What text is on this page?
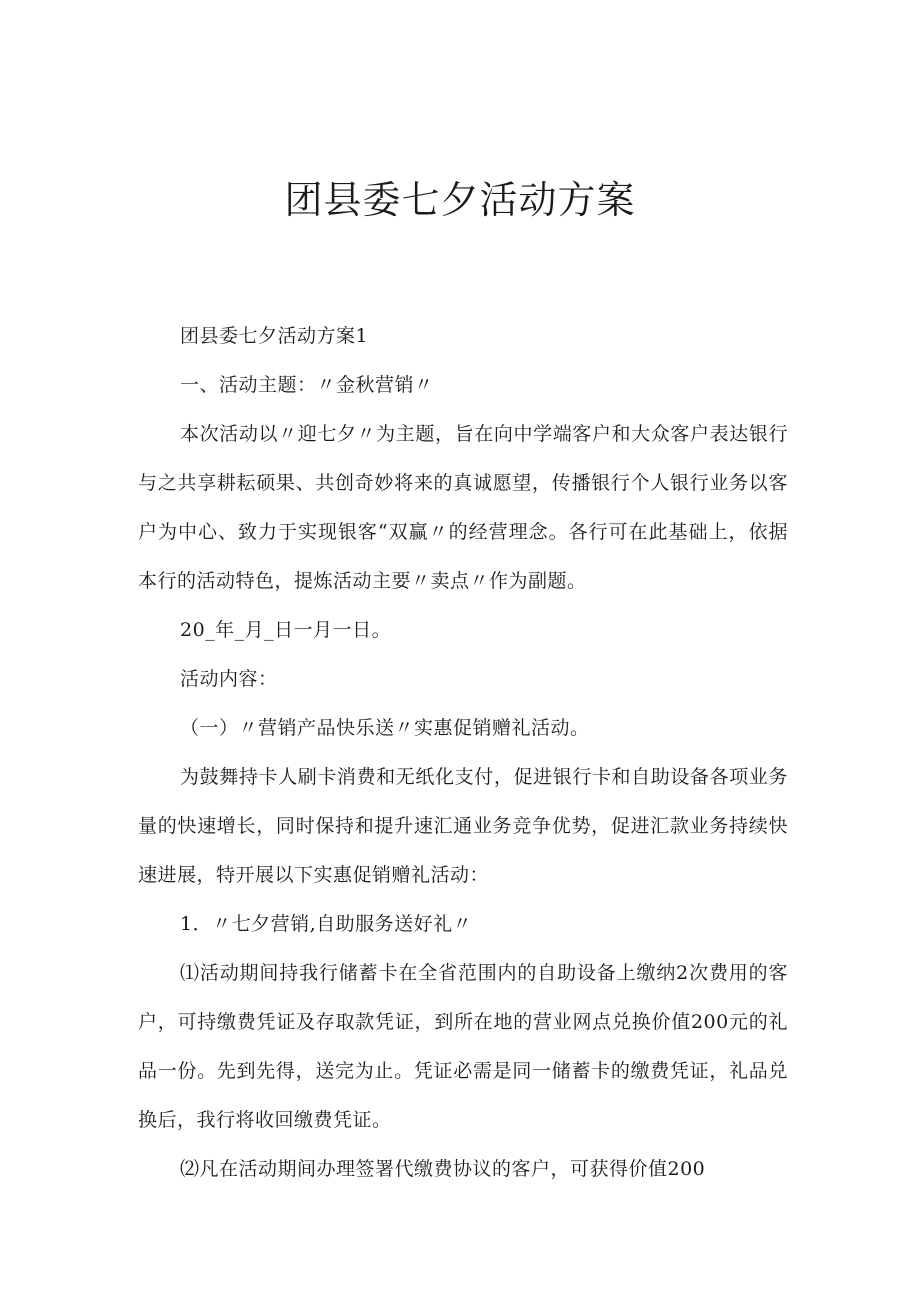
团县委七夕活动方案

团县委七夕活动方案1

一、活动主题：〃金秋营销〃

本次活动以〃迎七夕〃为主题，旨在向中学端客户和大众客户表达银行与之共享耕耘硕果、共创奇妙将来的真诚愿望，传播银行个人银行业务以客户为中心、致力于实现银客“双赢〃的经营理念。各行可在此基础上，依据本行的活动特色，提炼活动主要〃卖点〃作为副题。

20_年_月_日一月一日。

活动内容：

（一）〃营销产品快乐送〃实惠促销赠礼活动。

为鼓舞持卡人刷卡消费和无纸化支付，促进银行卡和自助设备各项业务量的快速增长，同时保持和提升速汇通业务竞争优势，促进汇款业务持续快速进展，特开展以下实惠促销赠礼活动：

1．〃七夕营销,自助服务送好礼〃

⑴活动期间持我行储蓄卡在全省范围内的自助设备上缴纳2次费用的客户，可持缴费凭证及存取款凭证，到所在地的营业网点兑换价值200元的礼品一份。先到先得，送完为止。凭证必需是同一储蓄卡的缴费凭证，礼品兑换后，我行将收回缴费凭证。

⑵凡在活动期间办理签署代缴费协议的客户，可获得价值200
